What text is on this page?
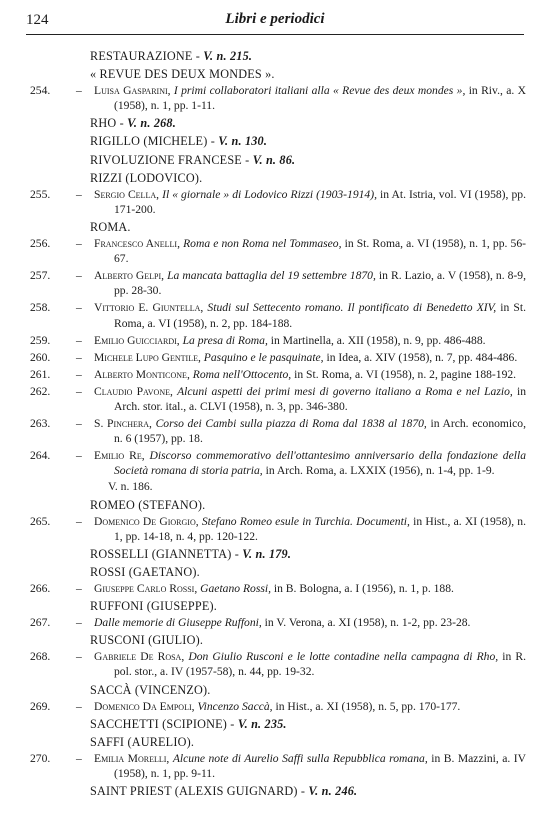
124	Libri e periodici
RESTAURAZIONE - V. n. 215.
« REVUE DES DEUX MONDES ».
254.	– Luisa Gasparini, I primi collaboratori italiani alla « Revue des deux mondes », in Riv., a. X (1958), n. 1, pp. 1-11.
RHO - V. n. 268.
RIGILLO (MICHELE) - V. n. 130.
RIVOLUZIONE FRANCESE - V. n. 86.
RIZZI (LODOVICO).
255.	– Sergio Cella, Il « giornale » di Lodovico Rizzi (1903-1914), in At. Istria, vol. VI (1958), pp. 171-200.
ROMA.
256.	– Francesco Anelli, Roma e non Roma nel Tommaseo, in St. Roma, a. VI (1958), n. 1, pp. 56-67.
257.	– Alberto Gelpi, La mancata battaglia del 19 settembre 1870, in R. Lazio, a. V (1958), n. 8-9, pp. 28-30.
258.	– Vittorio E. Giuntella, Studi sul Settecento romano. Il pontificato di Benedetto XIV, in St. Roma, a. VI (1958), n. 2, pp. 184-188.
259.	– Emilio Guicciardi, La presa di Roma, in Martinella, a. XII (1958), n. 9, pp. 486-488.
260.	– Michele Lupo Gentile, Pasquino e le pasquinate, in Idea, a. XIV (1958), n. 7, pp. 484-486.
261.	– Alberto Monticone, Roma nell'Ottocento, in St. Roma, a. VI (1958), n. 2, pagine 188-192.
262.	– Claudio Pavone, Alcuni aspetti dei primi mesi di governo italiano a Roma e nel Lazio, in Arch. stor. ital., a. CLVI (1958), n. 3, pp. 346-380.
263.	– S. Pinchera, Corso dei Cambi sulla piazza di Roma dal 1838 al 1870, in Arch. economico, n. 6 (1957), pp. 18.
264.	– Emilio Re, Discorso commemorativo dell'ottantesimo anniversario della fondazione della Società romana di storia patria, in Arch. Roma, a. LXXIX (1956), n. 1-4, pp. 1-9.
V. n. 186.
ROMEO (STEFANO).
265.	– Domenico De Giorgio, Stefano Romeo esule in Turchia. Documenti, in Hist., a. XI (1958), n. 1, pp. 14-18, n. 4, pp. 120-122.
ROSSELLI (GIANNETTA) - V. n. 179.
ROSSI (GAETANO).
266.	– Giuseppe Carlo Rossi, Gaetano Rossi, in B. Bologna, a. I (1956), n. 1, p. 188.
RUFFONI (GIUSEPPE).
267.	– Dalle memorie di Giuseppe Ruffoni, in V. Verona, a. XI (1958), n. 1-2, pp. 23-28.
RUSCONI (GIULIO).
268.	– Gabriele De Rosa, Don Giulio Rusconi e le lotte contadine nella campagna di Rho, in R. pol. stor., a. IV (1957-58), n. 44, pp. 19-32.
SACCÀ (VINCENZO).
269.	– Domenico Da Empoli, Vincenzo Saccà, in Hist., a. XI (1958), n. 5, pp. 170-177.
SACCHETTI (SCIPIONE) - V. n. 235.
SAFFI (AURELIO).
270.	– Emilia Morelli, Alcune note di Aurelio Saffi sulla Repubblica romana, in B. Mazzini, a. IV (1958), n. 1, pp. 9-11.
SAINT PRIEST (ALEXIS GUIGNARD) - V. n. 246.
